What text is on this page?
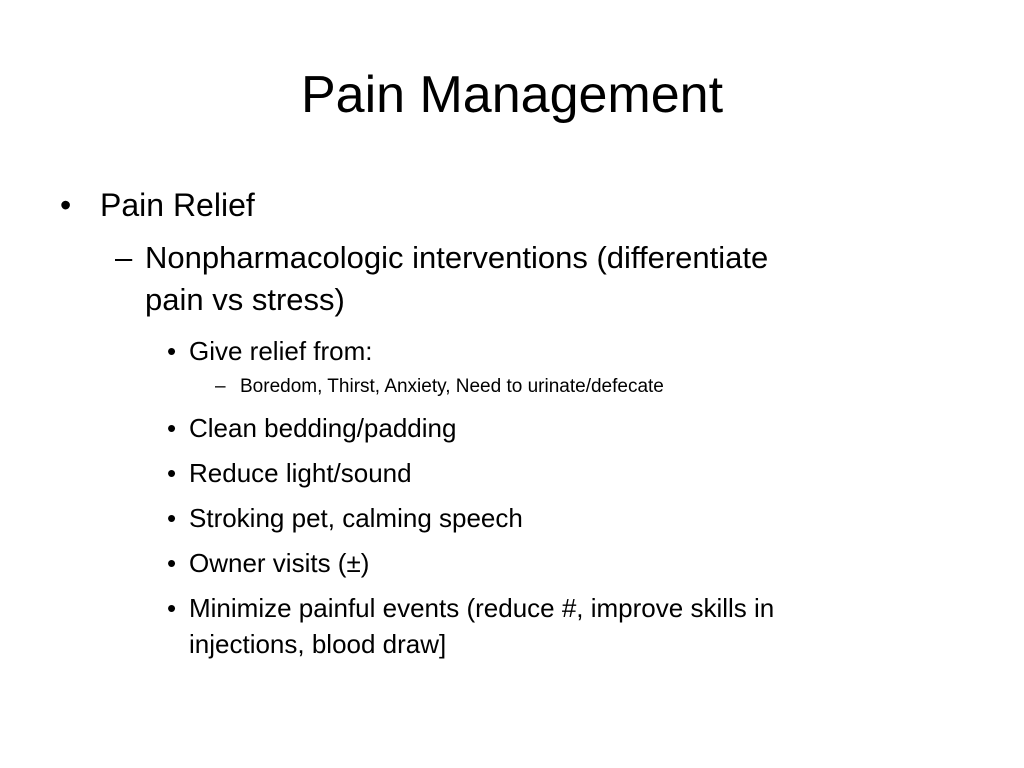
Pain Management
• Pain Relief
– Nonpharmacologic interventions (differentiate
pain vs stress)
• Give relief from:
– Boredom, Thirst, Anxiety, Need to urinate/defecate
• Clean bedding/padding
• Reduce light/sound
• Stroking pet, calming speech
• Owner visits (±)
• Minimize painful events (reduce #, improve skills in
injections, blood draw]
